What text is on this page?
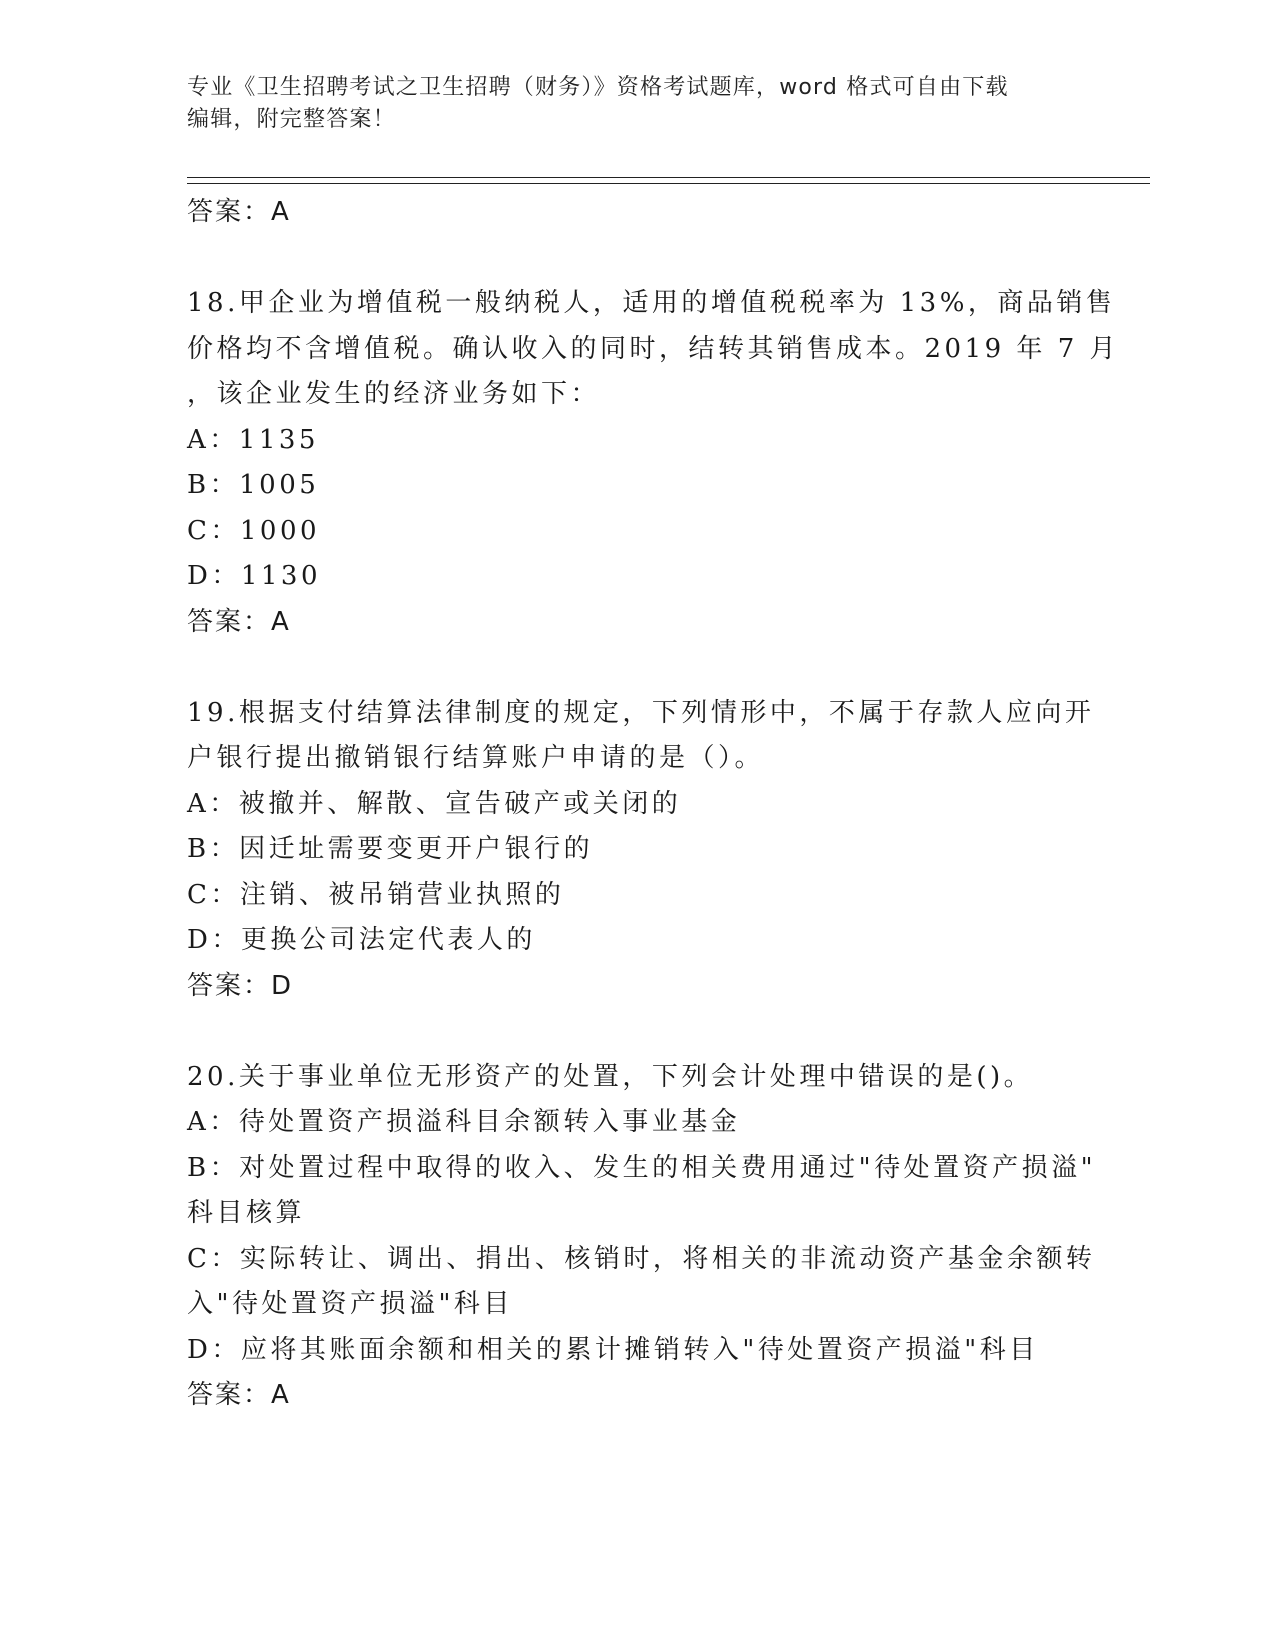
专业《卫生招聘考试之卫生招聘（财务）》资格考试题库，word 格式可自由下载
编辑，附完整答案！
答案：A
18.甲企业为增值税一般纳税人，适用的增值税税率为 13%，商品销售
价格均不含增值税。确认收入的同时，结转其销售成本。2019 年 7 月
，该企业发生的经济业务如下：
A：1135
B：1005
C：1000
D：1130
答案：A
19.根据支付结算法律制度的规定，下列情形中，不属于存款人应向开
户银行提出撤销银行结算账户申请的是（）。
A：被撤并、解散、宣告破产或关闭的
B：因迁址需要变更开户银行的
C：注销、被吊销营业执照的
D：更换公司法定代表人的
答案：D
20.关于事业单位无形资产的处置，下列会计处理中错误的是()。
A：待处置资产损溢科目余额转入事业基金
B：对处置过程中取得的收入、发生的相关费用通过"待处置资产损溢"
科目核算
C：实际转让、调出、捐出、核销时，将相关的非流动资产基金余额转
入"待处置资产损溢"科目
D：应将其账面余额和相关的累计摊销转入"待处置资产损溢"科目
答案：A
